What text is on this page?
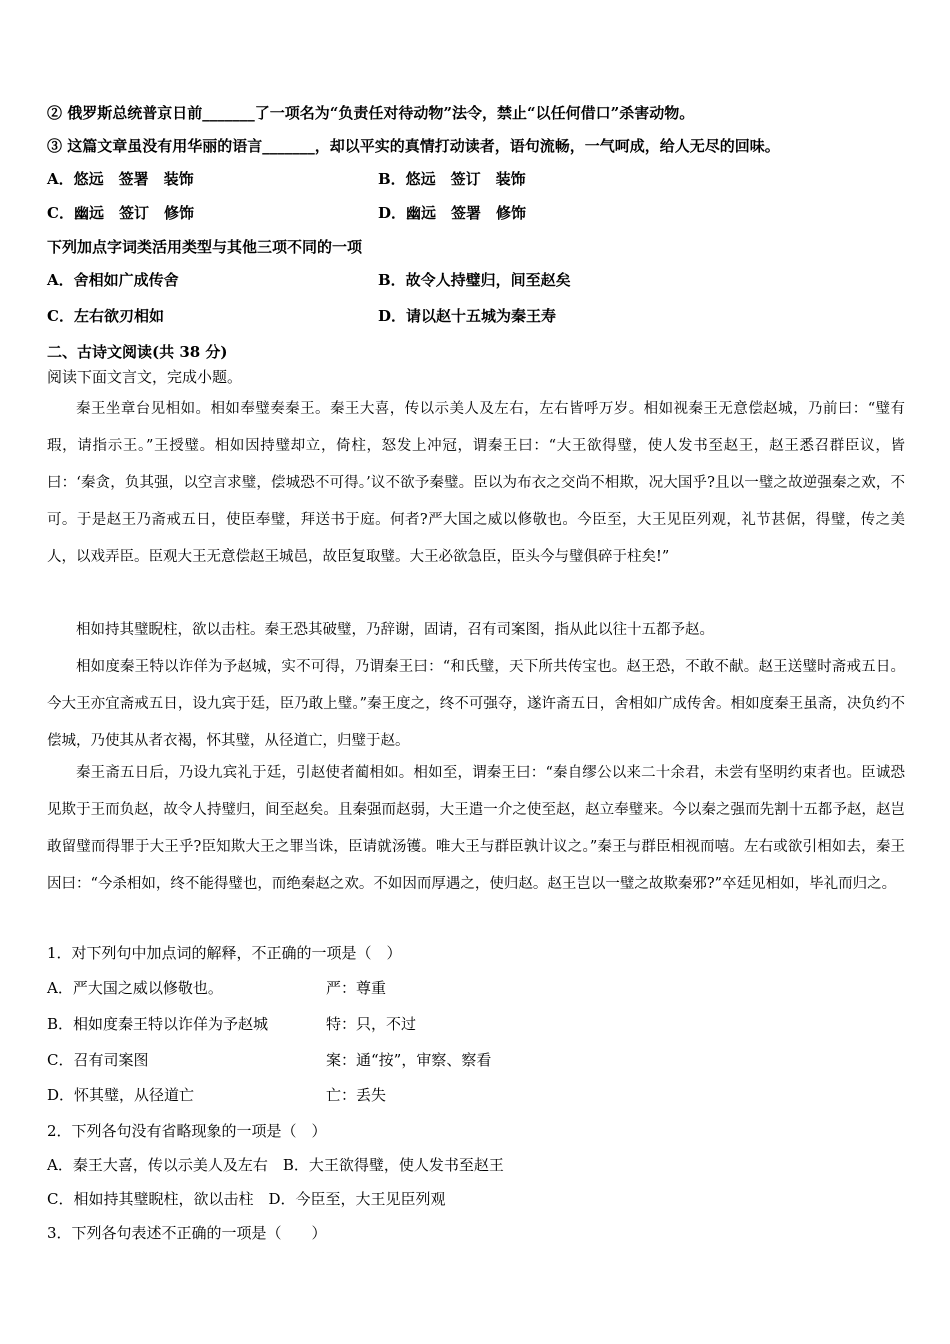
② 俄罗斯总统普京日前_______了一项名为“负责任对待动物”法令，禁止“以任何借口”杀害动物。
③ 这篇文章虽没有用华丽的语言_______，却以平实的真情打动读者，语句流畅，一气呵成，给人无尽的回味。
A．悠远　签署　装饰	B．悠远　签订　装饰
C．幽远　签订　修饰	D．幽远　签署　修饰
下列加点字词类活用类型与其他三项不同的一项
A．舍相如广成传舍	B．故令人持璧归，间至赵矣
C．左右欲刃相如	D．请以赵十五城为秦王寿
二、古诗文阅读(共 38 分)
阅读下面文言文，完成小题。
秦王坐章台见相如。相如奉璧奏秦王。秦王大喜，传以示美人及左右，左右皆呼万岁。相如视秦王无意偿赵城，乃前曰：“璧有瑕，请指示王。”王授璧。相如因持璧却立，倚柱，怒发上冲冠，谓秦王曰：“大王欲得璧，使人发书至赵王，赵王悉召群臣议，皆曰：‘秦贪，负其强，以空言求璧，偿城恐不可得。’议不欲予秦璧。臣以为布衣之交尚不相欺，况大国乎?且以一璧之故逆强秦之欢，不可。于是赵王乃斋戒五日，使臣奉璧，拜送书于庭。何者?严大国之威以修敬也。今臣至，大王见臣列观，礼节甚倨，得璧，传之美人，以戏弄臣。臣观大王无意偿赵王城邑，故臣复取璧。大王必欲急臣，臣头今与璧俱碎于柱矣!”
相如持其璧睨柱，欲以击柱。秦王恐其破璧，乃辞谢，固请，召有司案图，指从此以往十五都予赵。
相如度秦王特以诈佯为予赵城，实不可得，乃谓秦王曰：“和氏璧，天下所共传宝也。赵王恐，不敢不献。赵王送璧时斋戒五日。今大王亦宜斋戒五日，设九宾于廷，臣乃敢上璧。”秦王度之，终不可强夺，遂许斋五日，舍相如广成传舍。相如度秦王虽斋，决负约不偿城，乃使其从者衣褐，怀其璧，从径道亡，归璧于赵。
秦王斋五日后，乃设九宾礼于廷，引赵使者蔺相如。相如至，谓秦王曰：“秦自缪公以来二十余君，未尝有坚明约束者也。臣诚恐见欺于王而负赵，故令人持璧归，间至赵矣。且秦强而赵弱，大王遣一介之使至赵，赵立奉璧来。今以秦之强而先割十五都予赵，赵岂敢留璧而得罪于大王乎?臣知欺大王之罪当诛，臣请就汤镬。唯大王与群臣孰计议之。”秦王与群臣相视而嘻。左右或欲引相如去，秦王因曰：“今杀相如，终不能得璧也，而绝秦赵之欢。不如因而厚遇之，使归赵。赵王岂以一璧之故欺秦邪?”卒廷见相如，毕礼而归之。
1．对下列句中加点词的解释，不正确的一项是（　）
A．严大国之威以修敬也。	严：尊重
B．相如度秦王特以诈佯为予赵城	特：只，不过
C．召有司案图	案：通“按”，审察、察看
D．怀其璧，从径道亡	亡：丢失
2．下列各句没有省略现象的一项是（　）
A．秦王大喜，传以示美人及左右　B．大王欲得璧，使人发书至赵王
C．相如持其璧睨柱，欲以击柱　D．今臣至，大王见臣列观
3．下列各句表述不正确的一项是（　　）
